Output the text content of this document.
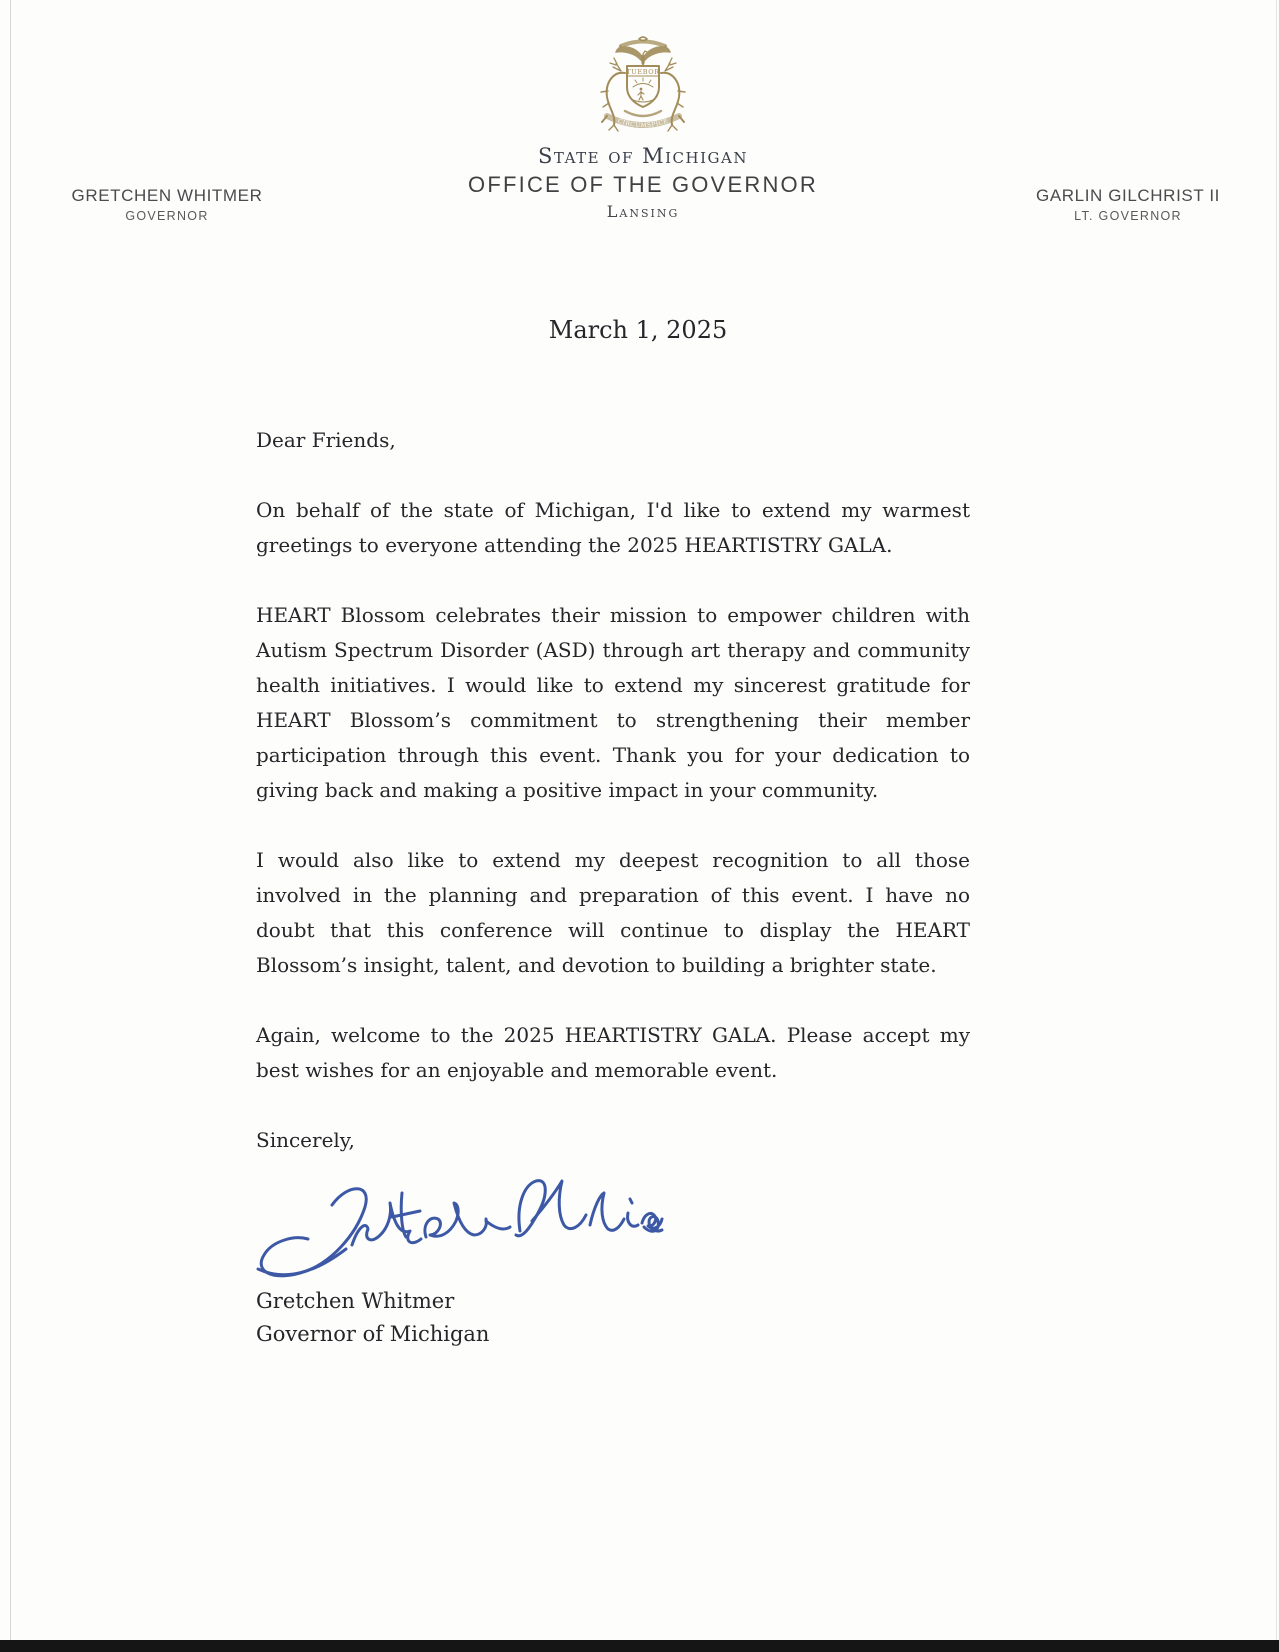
TUEBOR
CIRCUMSPICE
State of Michigan
OFFICE OF THE GOVERNOR
Lansing
GRETCHEN WHITMER
GOVERNOR
GARLIN GILCHRIST II
LT. GOVERNOR
March 1, 2025
Dear Friends,

On behalf of the state of Michigan, I'd like to extend my warmest greetings to everyone attending the 2025 HEARTISTRY GALA.

HEART Blossom celebrates their mission to empower children with Autism Spectrum Disorder (ASD) through art therapy and community health initiatives. I would like to extend my sincerest gratitude for HEART Blossom’s commitment to strengthening their member participation through this event. Thank you for your dedication to giving back and making a positive impact in your community.

I would also like to extend my deepest recognition to all those involved in the planning and preparation of this event. I have no doubt that this conference will continue to display the HEART Blossom’s insight, talent, and devotion to building a brighter state.

Again, welcome to the 2025 HEARTISTRY GALA. Please accept my best wishes for an enjoyable and memorable event.

Sincerely,
Gretchen Whitmer
Governor of Michigan
